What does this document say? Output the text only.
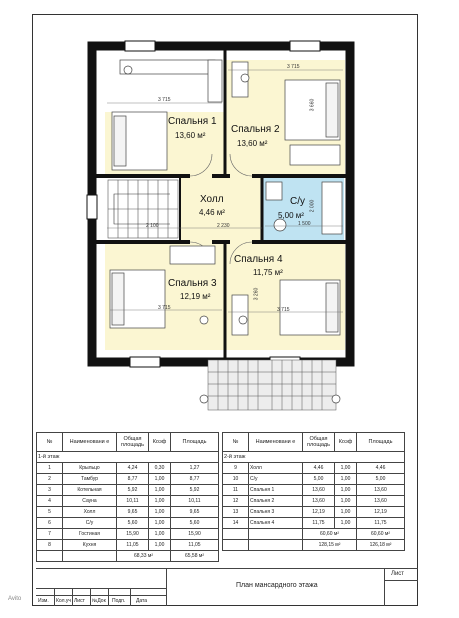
Спальня 1
13,60 м²
Спальня 2
13,60 м²
Холл
4,46 м²
С/у
5,00 м²
Спальня 3
12,19 м²
Спальня 4
11,75 м²
3 715
3 715
3 660
2 100	2 230	1 500
2 000
3 715	3 715
3 260
№	Наименовани е	Общая площадь	Коэф	Площадь
1-й этаж				
1	Крыльцо	4,24	0,30	1,27
2	Тамбур	8,77	1,00	8,77
3	Котельная	5,92	1,00	5,92
4	Сауна	10,11	1,00	10,11
5	Холл	9,65	1,00	9,65
6	С/у	5,60	1,00	5,60
7	Гостиная	15,90	1,00	15,90
8	Кухня	11,05	1,00	11,05
		68,33 м²		65,58 м²
№	Наименовани е	Общая площадь	Коэф	Площадь
2-й этаж				
9	Холл	4,46	1,00	4,46
10	С/у	5,00	1,00	5,00
11	Спальня 1	13,60	1,00	13,60
12	Спальня 2	13,60	1,00	13,60
13	Спальня 3	12,19	1,00	12,19
14	Спальня 4	11,75	1,00	11,75
		60,60 м²		60,60 м²
		128,15 м²		126,18 м²
План мансардного этажа
Лист
Изм. Кол.уч Лист №Док Подп. Дата
Avito
